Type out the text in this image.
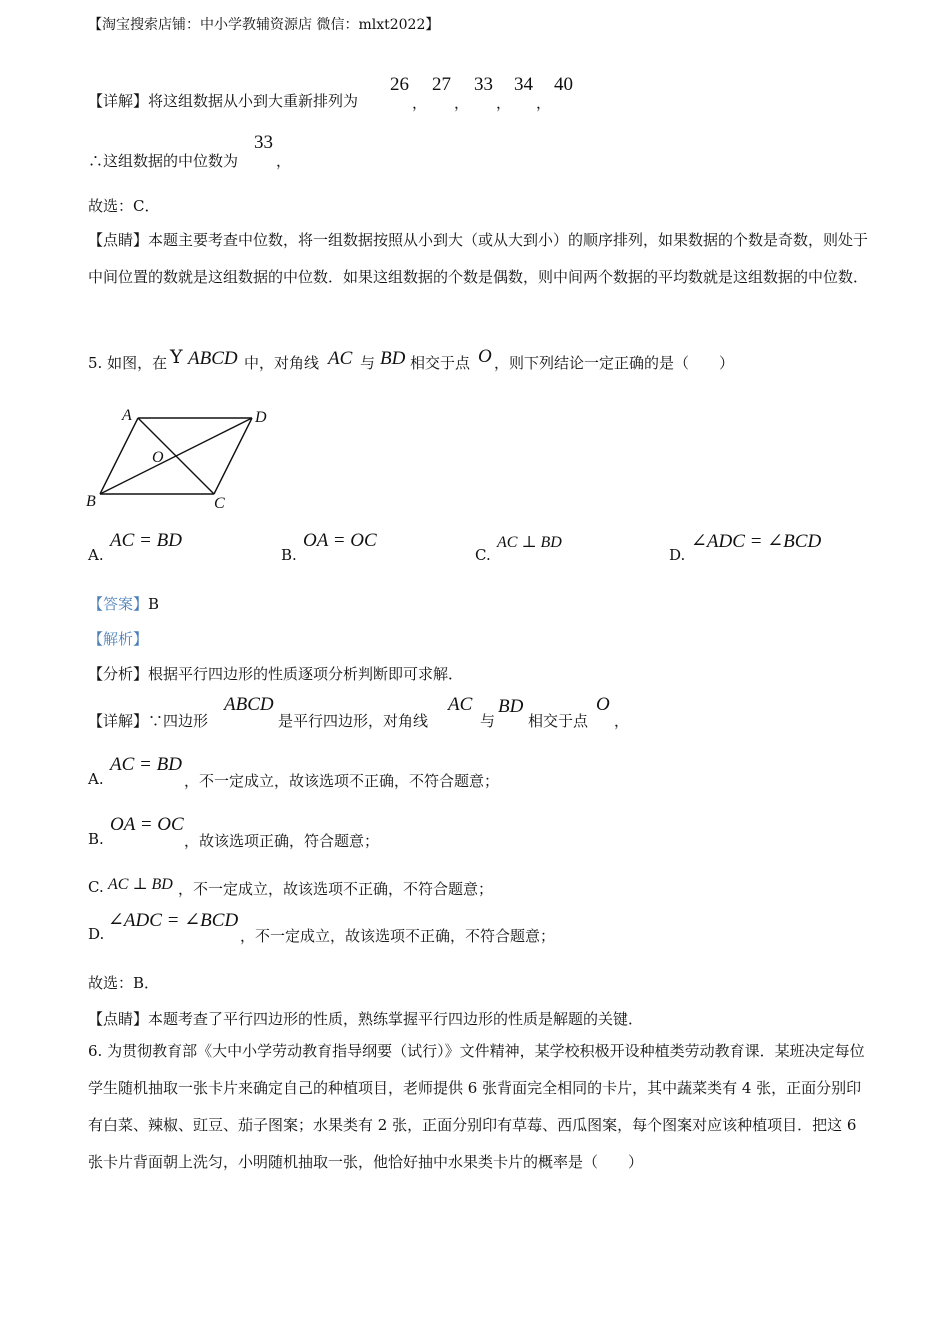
【淘宝搜索店铺：中小学教辅资源店 微信：mlxt2022】
【详解】将这组数据从小到大重新排列为
26
，
27
，
33
，
34
，
40
∴这组数据的中位数为
33
，
故选：C．
【点睛】本题主要考查中位数，将一组数据按照从小到大（或从大到小）的顺序排列，如果数据的个数是奇数，则处于中间位置的数就是这组数据的中位数．如果这组数据的个数是偶数，则中间两个数据的平均数就是这组数据的中位数．
5. 如图，在 Y ABCD 中，对角线 AC 与 BD 相交于点 O ，则下列结论一定正确的是（　　）
A	D
O
B	C
A.
AC = BD
B.
OA = OC
C.
AC ⊥ BD
D.
∠ADC = ∠BCD
【答案】B
【解析】
【分析】根据平行四边形的性质逐项分析判断即可求解．
【详解】∵四边形
ABCD
是平行四边形，对角线
AC
与
BD
相交于点
O
，
A.
AC = BD
，不一定成立，故该选项不正确，不符合题意；
B.
OA = OC
，故该选项正确，符合题意；
C. AC ⊥ BD ，不一定成立，故该选项不正确，不符合题意；
D.
∠ADC = ∠BCD
，不一定成立，故该选项不正确，不符合题意；
故选：B．
【点睛】本题考查了平行四边形的性质，熟练掌握平行四边形的性质是解题的关键．
6. 为贯彻教育部《大中小学劳动教育指导纲要（试行）》文件精神，某学校积极开设种植类劳动教育课．某班决定每位学生随机抽取一张卡片来确定自己的种植项目，老师提供 6 张背面完全相同的卡片，其中蔬菜类有 4 张，正面分别印有白菜、辣椒、豇豆、茄子图案；水果类有 2 张，正面分别印有草莓、西瓜图案，每个图案对应该种植项目．把这 6 张卡片背面朝上洗匀，小明随机抽取一张，他恰好抽中水果类卡片的概率是（　　）
